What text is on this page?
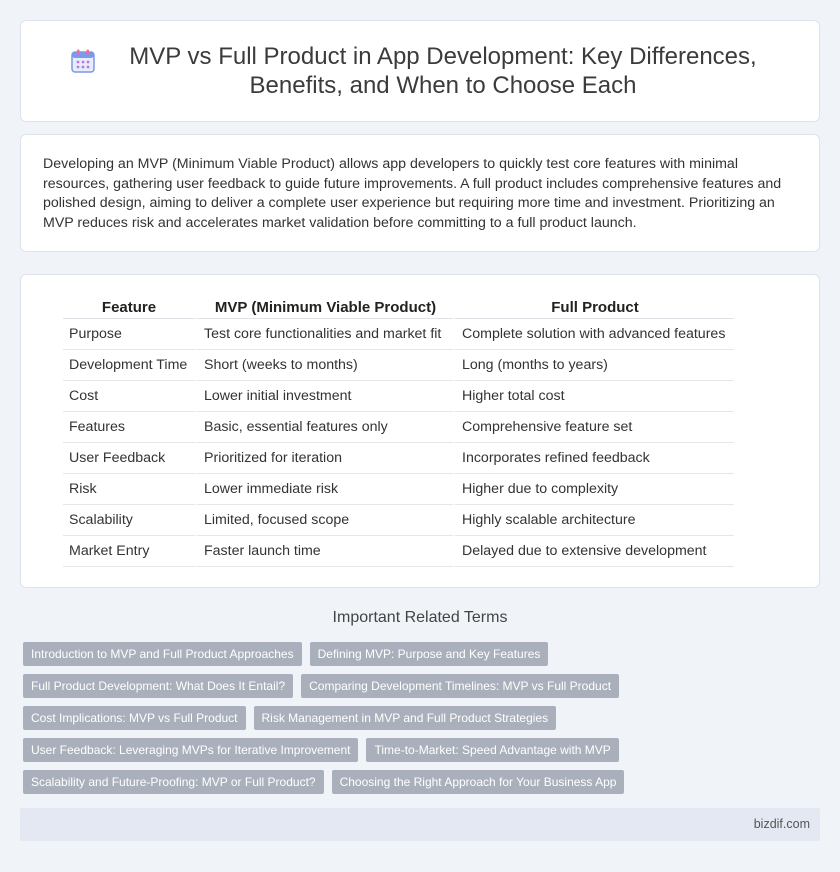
MVP vs Full Product in App Development: Key Differences, Benefits, and When to Choose Each

Developing an MVP (Minimum Viable Product) allows app developers to quickly test core features with minimal resources, gathering user feedback to guide future improvements. A full product includes comprehensive features and polished design, aiming to deliver a complete user experience but requiring more time and investment. Prioritizing an MVP reduces risk and accelerates market validation before committing to a full product launch.

Feature	MVP (Minimum Viable Product)	Full Product
Purpose	Test core functionalities and market fit	Complete solution with advanced features
Development Time	Short (weeks to months)	Long (months to years)
Cost	Lower initial investment	Higher total cost
Features	Basic, essential features only	Comprehensive feature set
User Feedback	Prioritized for iteration	Incorporates refined feedback
Risk	Lower immediate risk	Higher due to complexity
Scalability	Limited, focused scope	Highly scalable architecture
Market Entry	Faster launch time	Delayed due to extensive development
Important Related Terms
Introduction to MVP and Full Product Approaches	Defining MVP: Purpose and Key Features
Full Product Development: What Does It Entail?	Comparing Development Timelines: MVP vs Full Product
Cost Implications: MVP vs Full Product	Risk Management in MVP and Full Product Strategies
User Feedback: Leveraging MVPs for Iterative Improvement	Time-to-Market: Speed Advantage with MVP
Scalability and Future-Proofing: MVP or Full Product?	Choosing the Right Approach for Your Business App
bizdif.com
